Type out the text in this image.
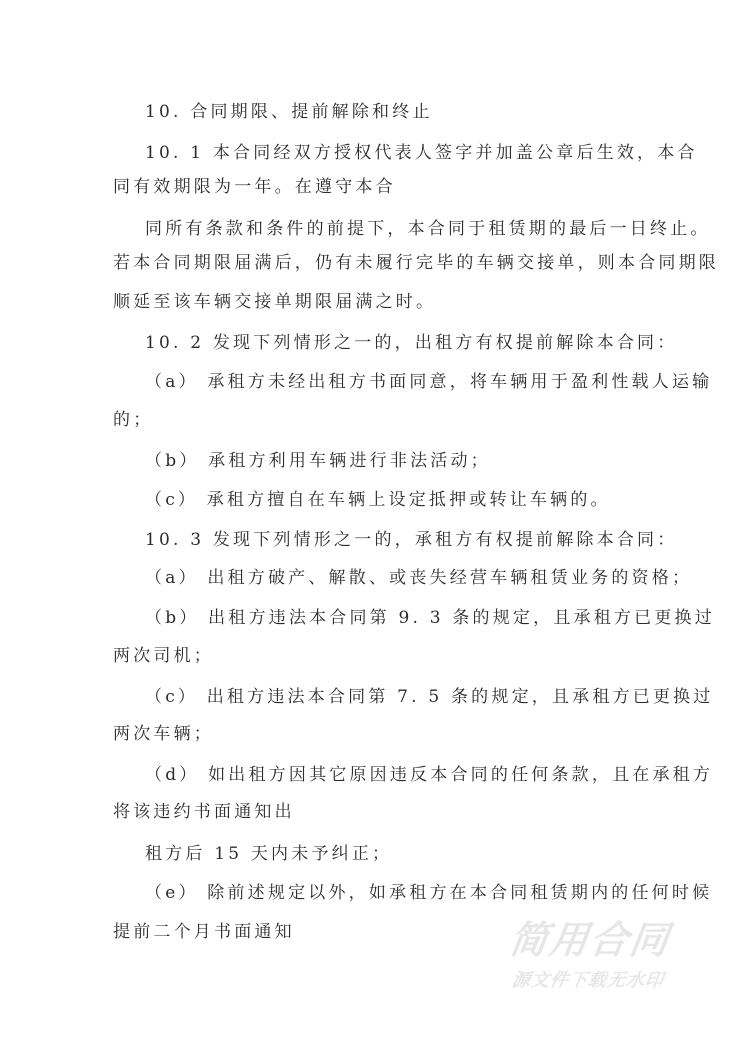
10. 合同期限、提前解除和终止
10. 1 本合同经双方授权代表人签字并加盖公章后生效，本合
同有效期限为一年。在遵守本合
同所有条款和条件的前提下，本合同于租赁期的最后一日终止。
若本合同期限届满后，仍有未履行完毕的车辆交接单，则本合同期限
顺延至该车辆交接单期限届满之时。
10. 2 发现下列情形之一的，出租方有权提前解除本合同：
（a） 承租方未经出租方书面同意，将车辆用于盈利性载人运输
的；
（b） 承租方利用车辆进行非法活动；
（c） 承租方擅自在车辆上设定抵押或转让车辆的。
10. 3 发现下列情形之一的，承租方有权提前解除本合同：
（a） 出租方破产、解散、或丧失经营车辆租赁业务的资格；
（b） 出租方违法本合同第 9. 3 条的规定，且承租方已更换过
两次司机；
（c） 出租方违法本合同第 7. 5 条的规定，且承租方已更换过
两次车辆；
（d） 如出租方因其它原因违反本合同的任何条款，且在承租方
将该违约书面通知出
租方后 15 天内未予纠正；
（e） 除前述规定以外，如承租方在本合同租赁期内的任何时候
提前二个月书面通知	简用合同
源文件下载无水印
